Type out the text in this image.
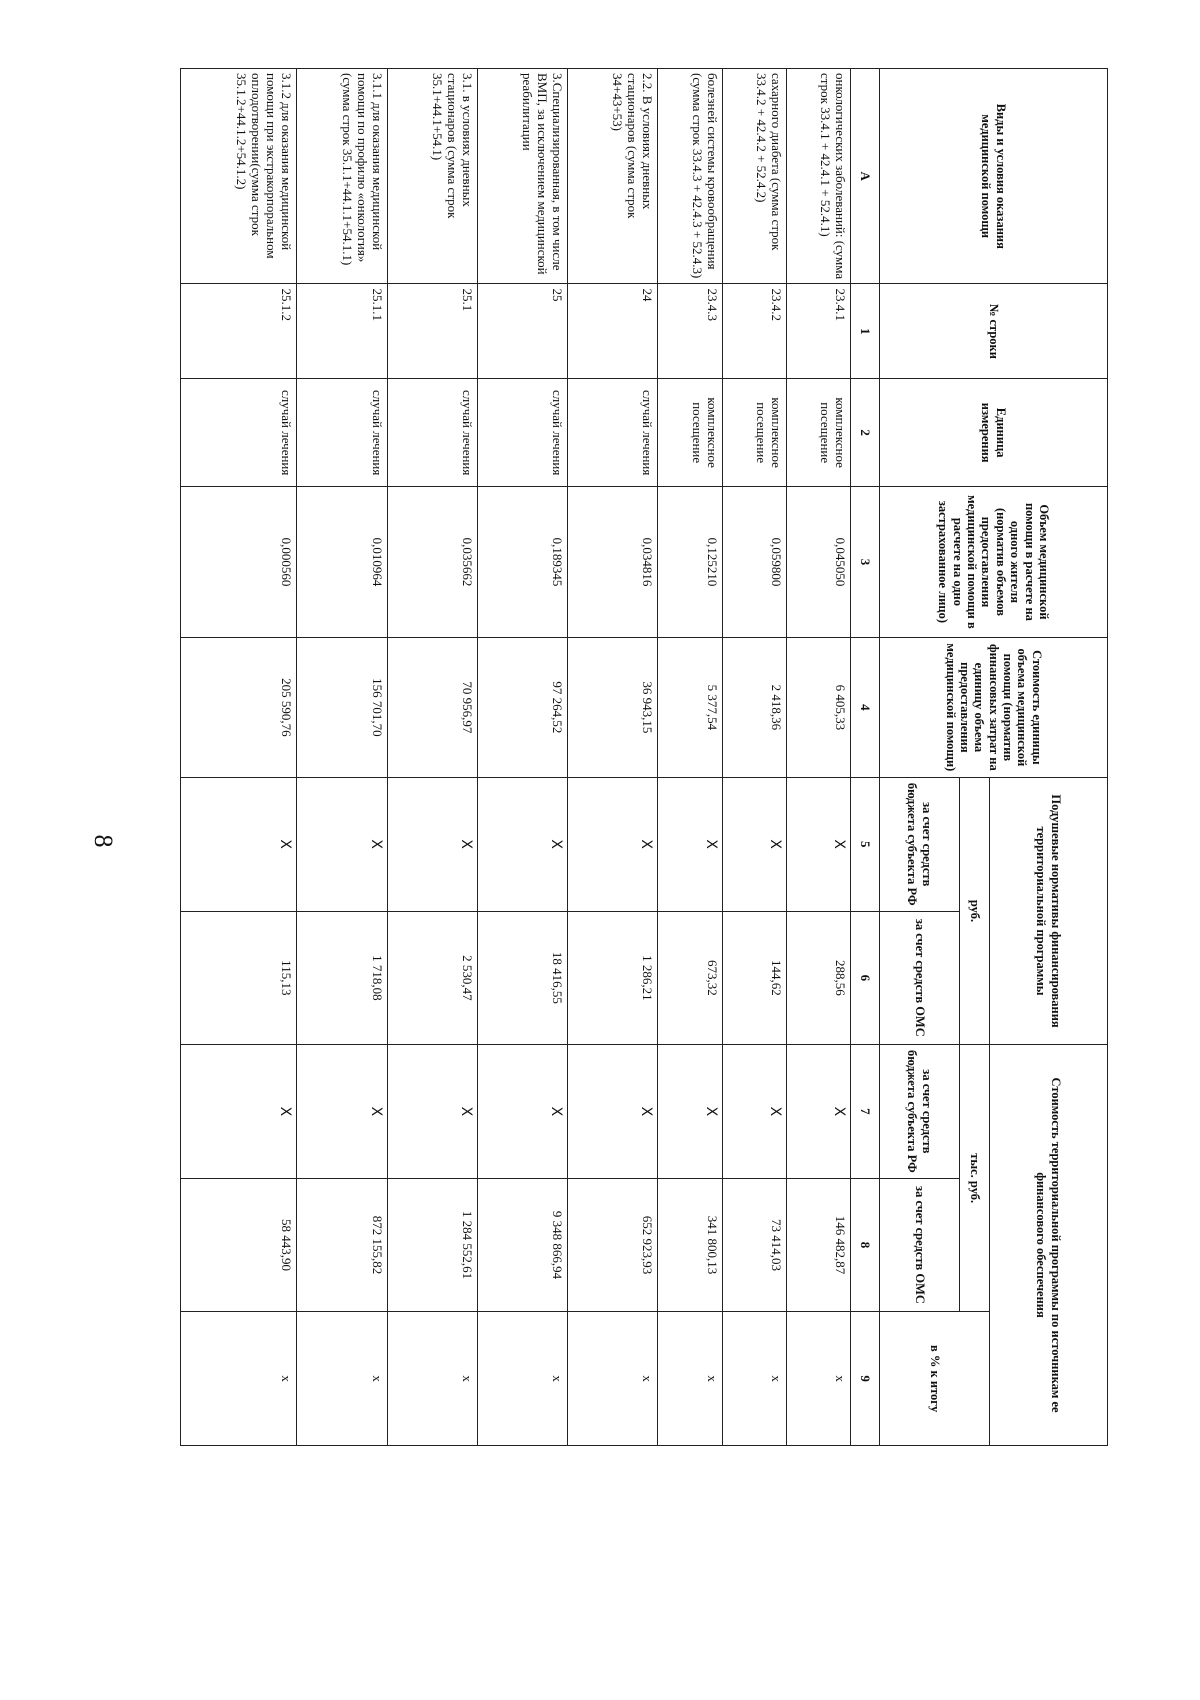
8
Виды и условия оказания медицинской помощи	№ строки	Единица измерения	Объем медицинской помощи в расчете на одного жителя (норматив объемов предоставления медицинской помощи в расчете на одно застрахованное лицо)	Стоимость единицы объема медицинской помощи (норматив финансовых затрат на единицу объема предоставления медицинской помощи)	Подушевые нормативы финансирования территориальной программы		Стоимость территориальной программы по источникам ее финансового обеспечения		
					руб.		тыс. руб.		в % к итогу
					за счет средств бюджета субъекта РФ	за счет средств ОМС	за счет средств бюджета субъекта РФ	за счет средств ОМС	
А	1	2	3	4	5	6	7	8	9
онкологических заболеваний: (сумма строк 33.4.1 + 42.4.1 + 52.4.1)	23.4.1	комплексное посещение	0,045050	6 405,33	X	288,56	X	146 482,87	x
сахарного диабета (сумма строк 33.4.2 + 42.4.2 + 52.4.2)	23.4.2	комплексное посещение	0,059800	2 418,36	X	144,62	X	73 414,03	x
болезней системы кровообращения (сумма строк 33.4.3 + 42.4.3 + 52.4.3)	23.4.3	комплексное посещение	0,125210	5 377,54	X	673,32	X	341 800,13	x
2.2. В условиях дневных стационаров (сумма строк 34+43+53)	24	случай лечения	0,034816	36 943,15	X	1 286,21	X	652 923,93	x
3.Специализированная, в том числе ВМП, за исключением медицинской реабилитации	25	случай лечения	0,189345	97 264,52	X	18 416,55	X	9 348 866,94	x
3.1. в условиях дневных стационаров (сумма строк 35.1+44.1+54.1)	25.1	случай лечения	0,035662	70 956,97	X	2 530,47	X	1 284 552,61	x
3.1.1 для оказания медицинской помощи по профилю «онкология» (сумма строк 35.1.1+44.1.1+54.1.1)	25.1.1	случай лечения	0,010964	156 701,70	X	1 718,08	X	872 155,82	x
3.1.2 для оказания медицинской помощи при экстракорпоральном оплодотворении(сумма строк 35.1.2+44.1.2+54.1.2)	25.1.2	случай лечения	0,000560	205 590,76	X	115,13	X	58 443,90	x
